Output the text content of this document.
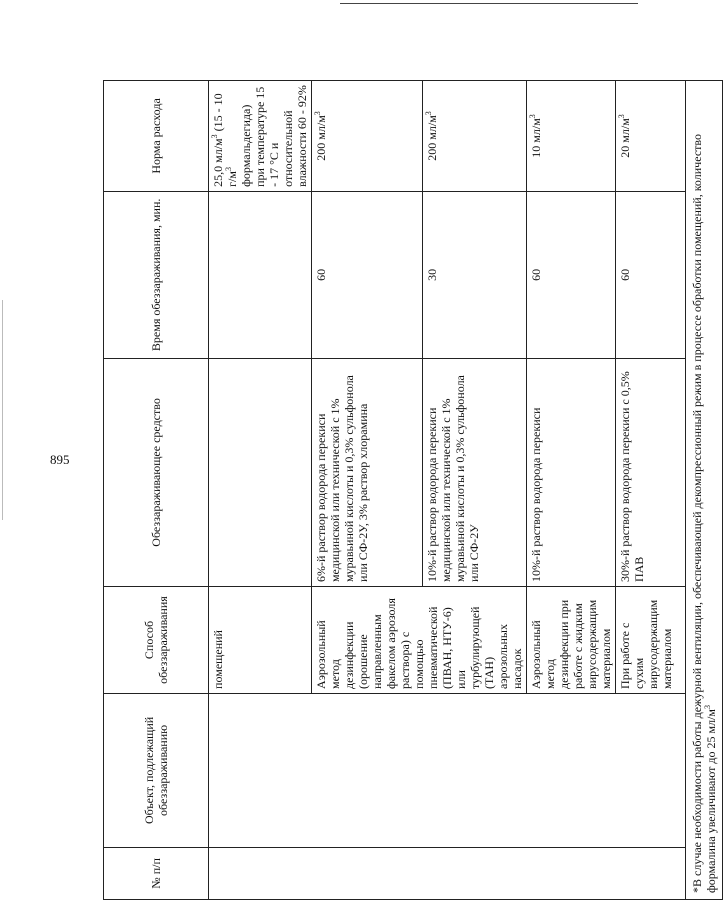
895
№ п/п	Объект, подлежащий обеззараживанию	Способ обеззараживания	Обеззараживающее средство	Время обеззараживания, мин.	Норма расхода
		помещений			25,0 $мл/м^3$ (15 - 10 $г/м^3$ формальдегида) при температуре 15 - 17 °С и относительной влажности 60 - 92%
		Аэрозольный метод дезинфекции (орошение направленным факелом аэрозоля раствора) с помощью пневматической (ПВАН, НТУ-6) или турбулирующей (ТАН) аэрозольных насадок	6%-й раствор водорода перекиси медицинской или технической с 1% муравьиной кислоты и 0,3% сульфонола или СФ-2У, 3% раствор хлорамина	60	200 $мл/м^3$
			10%-й раствор водорода перекиси медицинской или технической с 1% муравьиной кислоты и 0,3% сульфонола или СФ-2У	30	200 $мл/м^3$
		Аэрозольный метод дезинфекции при работе с жидким вирусодержащим материалом	10%-й раствор водорода перекиси	60	10 $мл/м^3$
		При работе с сухим вирусодержащим материалом	30%-й раствор водорода перекиси с 0,5% ПАВ	60	20 $мл/м^3$
*В случае необходимости работы дежурной вентиляции, обеспечивающей декомпрессионный режим в процессе обработки помещений, количество формалина увеличивают до 25 $мл/м^3$
